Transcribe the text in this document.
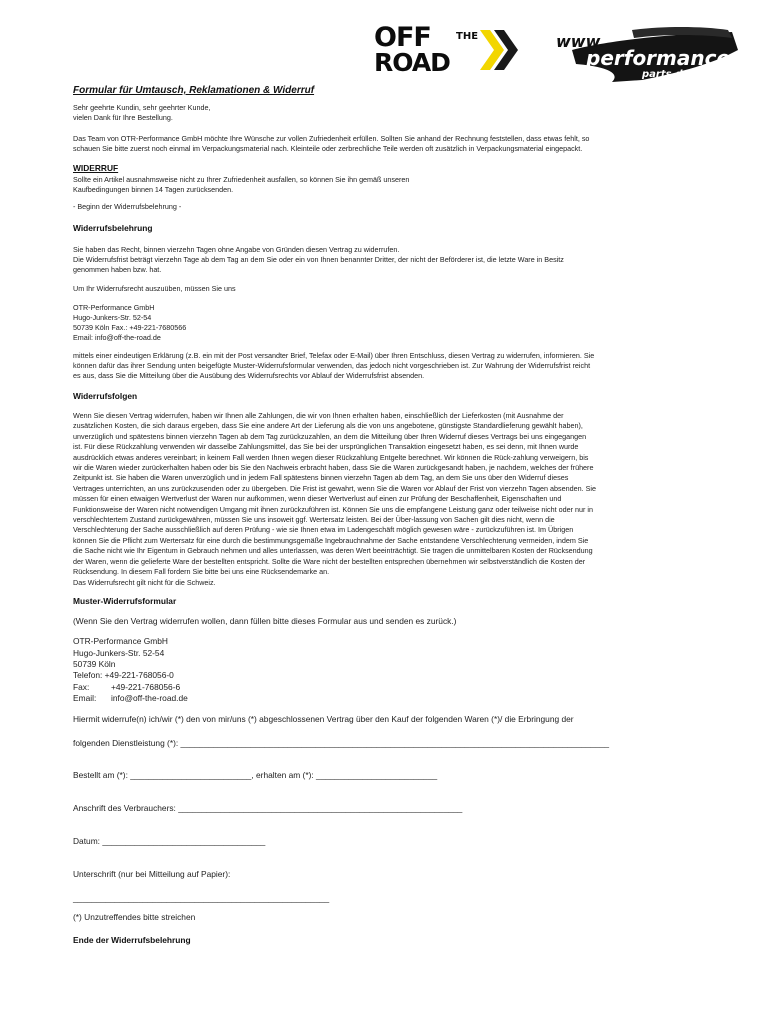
OFF	THE
ROAD
www.
performance
parts.de
Formular für Umtausch, Reklamationen & Widerruf
Sehr geehrte Kundin, sehr geehrter Kunde,
vielen Dank für Ihre Bestellung.
Das Team von OTR-Performance GmbH möchte Ihre Wünsche zur vollen Zufriedenheit erfüllen. Sollten Sie anhand der Rechnung feststellen, dass etwas fehlt, so
schauen Sie bitte zuerst noch einmal im Verpackungsmaterial nach. Kleinteile oder zerbrechliche Teile werden oft zusätzlich in Verpackungsmaterial eingepackt.
WIDERRUF
Sollte ein Artikel ausnahmsweise nicht zu Ihrer Zufriedenheit ausfallen, so können Sie ihn gemäß unseren
Kaufbedingungen binnen 14 Tagen zurücksenden.
- Beginn der Widerrufsbelehrung -
Widerrufsbelehrung
Sie haben das Recht, binnen vierzehn Tagen ohne Angabe von Gründen diesen Vertrag zu widerrufen.
Die Widerrufsfrist beträgt vierzehn Tage ab dem Tag an dem Sie oder ein von Ihnen benannter Dritter, der nicht der Beförderer ist, die letzte Ware in Besitz
genommen haben bzw. hat.
Um Ihr Widerrufsrecht auszuüben, müssen Sie uns
OTR-Performance GmbH
Hugo-Junkers-Str. 52-54
50739 Köln Fax.: +49-221-7680566
Email: info@off-the-road.de
mittels einer eindeutigen Erklärung (z.B. ein mit der Post versandter Brief, Telefax oder E-Mail) über Ihren Entschluss, diesen Vertrag zu widerrufen, informieren. Sie
können dafür das ihrer Sendung unten beigefügte Muster-Widerrufsformular verwenden, das jedoch nicht vorgeschrieben ist. Zur Wahrung der Widerrufsfrist reicht
es aus, dass Sie die Mitteilung über die Ausübung des Widerrufsrechts vor Ablauf der Widerrufsfrist absenden.
Widerrufsfolgen
Wenn Sie diesen Vertrag widerrufen, haben wir Ihnen alle Zahlungen, die wir von Ihnen erhalten haben, einschließlich der Lieferkosten (mit Ausnahme der
zusätzlichen Kosten, die sich daraus ergeben, dass Sie eine andere Art der Lieferung als die von uns angebotene, günstigste Standardlieferung gewählt haben),
unverzüglich und spätestens binnen vierzehn Tagen ab dem Tag zurückzuzahlen, an dem die Mitteilung über Ihren Widerruf dieses Vertrags bei uns eingegangen
ist. Für diese Rückzahlung verwenden wir dasselbe Zahlungsmittel, das Sie bei der ursprünglichen Transaktion eingesetzt haben, es sei denn, mit Ihnen wurde
ausdrücklich etwas anderes vereinbart; in keinem Fall werden Ihnen wegen dieser Rückzahlung Entgelte berechnet. Wir können die Rück-zahlung verweigern, bis
wir die Waren wieder zurückerhalten haben oder bis Sie den Nachweis erbracht haben, dass Sie die Waren zurückgesandt haben, je nachdem, welches der frühere
Zeitpunkt ist. Sie haben die Waren unverzüglich und in jedem Fall spätestens binnen vierzehn Tagen ab dem Tag, an dem Sie uns über den Widerruf dieses
Vertrages unterrichten, an uns zurückzusenden oder zu übergeben. Die Frist ist gewahrt, wenn Sie die Waren vor Ablauf der Frist von vierzehn Tagen absenden. Sie
müssen für einen etwaigen Wertverlust der Waren nur aufkommen, wenn dieser Wertverlust auf einen zur Prüfung der Beschaffenheit, Eigenschaften und
Funktionsweise der Waren nicht notwendigen Umgang mit ihnen zurückzuführen ist. Können Sie uns die empfangene Leistung ganz oder teilweise nicht oder nur in
verschlechtertem Zustand zurückgewähren, müssen Sie uns insoweit ggf. Wertersatz leisten. Bei der Über-lassung von Sachen gilt dies nicht, wenn die
Verschlechterung der Sache ausschließlich auf deren Prüfung - wie sie Ihnen etwa im Ladengeschäft möglich gewesen wäre - zurückzuführen ist. Im Übrigen
können Sie die Pflicht zum Wertersatz für eine durch die bestimmungsgemäße Ingebrauchnahme der Sache entstandene Verschlechterung vermeiden, indem Sie
die Sache nicht wie Ihr Eigentum in Gebrauch nehmen und alles unterlassen, was deren Wert beeinträchtigt. Sie tragen die unmittelbaren Kosten der Rücksendung
der Waren, wenn die gelieferte Ware der bestellten entspricht. Sollte die Ware nicht der bestellten entsprechen übernehmen wir selbstverständlich die Kosten der
Rücksendung. In diesem Fall fordern Sie bitte bei uns eine Rücksendemarke an.
Das Widerrufsrecht gilt nicht für die Schweiz.
Muster-Widerrufsformular
(Wenn Sie den Vertrag widerrufen wollen, dann füllen bitte dieses Formular aus und senden es zurück.)
OTR-Performance GmbH
Hugo-Junkers-Str. 52-54
50739 Köln
Telefon: +49-221-768056-0
Fax:	+49-221-768056-6
Email: info@off-the-road.de
Hiermit widerrufe(n) ich/wir (*) den von mir/uns (*) abgeschlossenen Vertrag über den Kauf der folgenden Waren (*)/ die Erbringung der
folgenden Dienstleistung (*): ____________________________________________________________________________________________
Bestellt am (*): __________________________, erhalten am (*): __________________________
Anschrift des Verbrauchers: _____________________________________________________________
Datum: ___________________________________
Unterschrift (nur bei Mitteilung auf Papier):
_______________________________________________________
(*) Unzutreffendes bitte streichen
Ende der Widerrufsbelehrung
